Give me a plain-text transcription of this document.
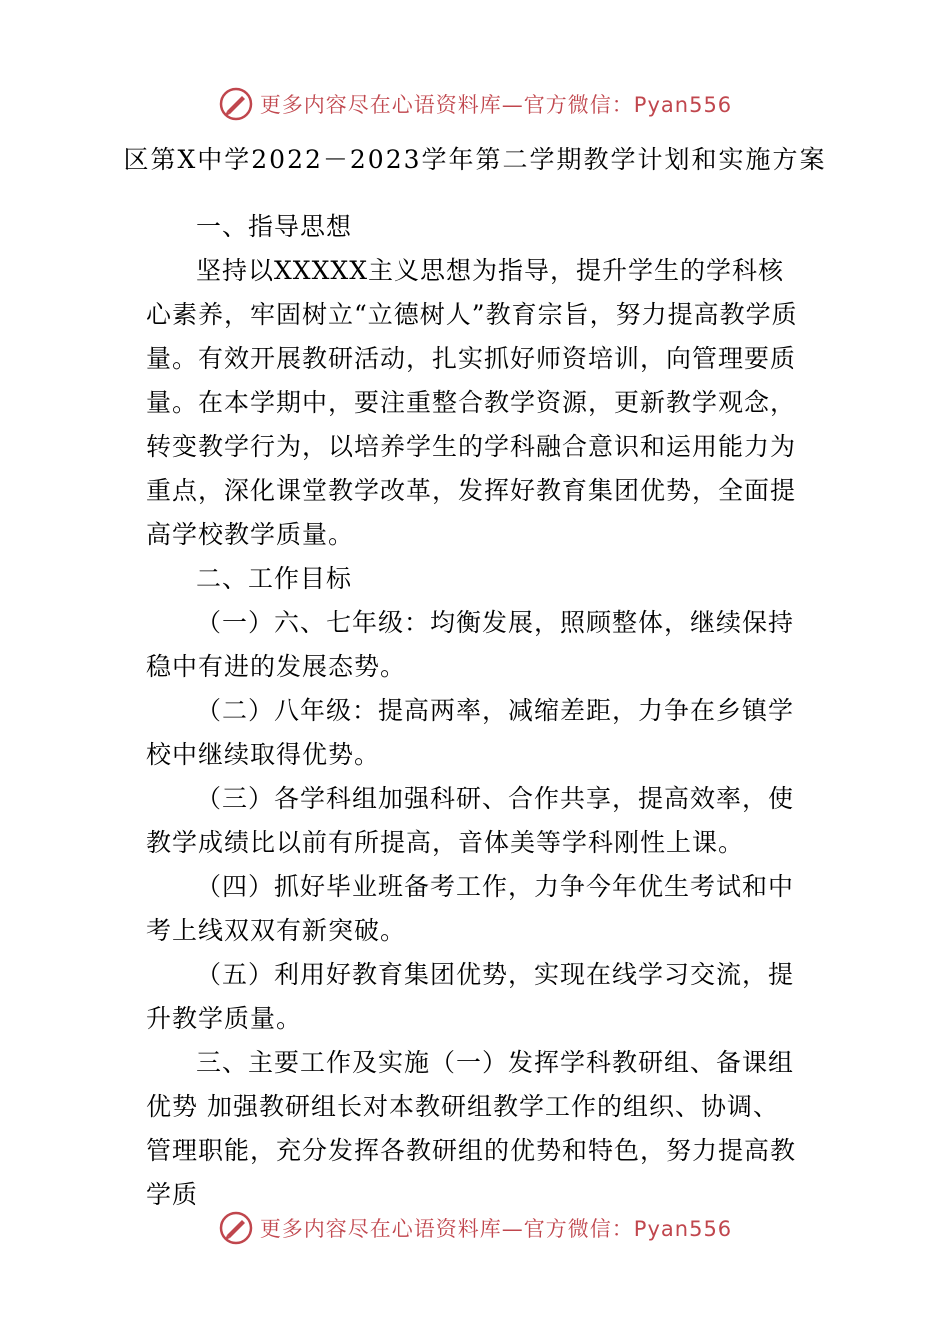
更多内容尽在心语资料库—官方微信：Pyan556
区第X中学2022－2023学年第二学期教学计划和实施方案

一、指导思想

坚持以XXXXX主义思想为指导，提升学生的学科核心素养，牢固树立“立德树人”教育宗旨，努力提高教学质量。有效开展教研活动，扎实抓好师资培训，向管理要质量。在本学期中，要注重整合教学资源，更新教学观念，转变教学行为，以培养学生的学科融合意识和运用能力为重点，深化课堂教学改革，发挥好教育集团优势，全面提高学校教学质量。

二、工作目标

（一）六、七年级：均衡发展，照顾整体，继续保持稳中有进的发展态势。

（二）八年级：提高两率，减缩差距，力争在乡镇学校中继续取得优势。

（三）各学科组加强科研、合作共享，提高效率，使教学成绩比以前有所提高，音体美等学科刚性上课。

（四）抓好毕业班备考工作，力争今年优生考试和中考上线双双有新突破。

（五）利用好教育集团优势，实现在线学习交流，提升教学质量。

三、主要工作及实施（一）发挥学科教研组、备课组优势 加强教研组长对本教研组教学工作的组织、协调、管理职能，充分发挥各教研组的优势和特色，努力提高教学质

更多内容尽在心语资料库—官方微信：Pyan556
